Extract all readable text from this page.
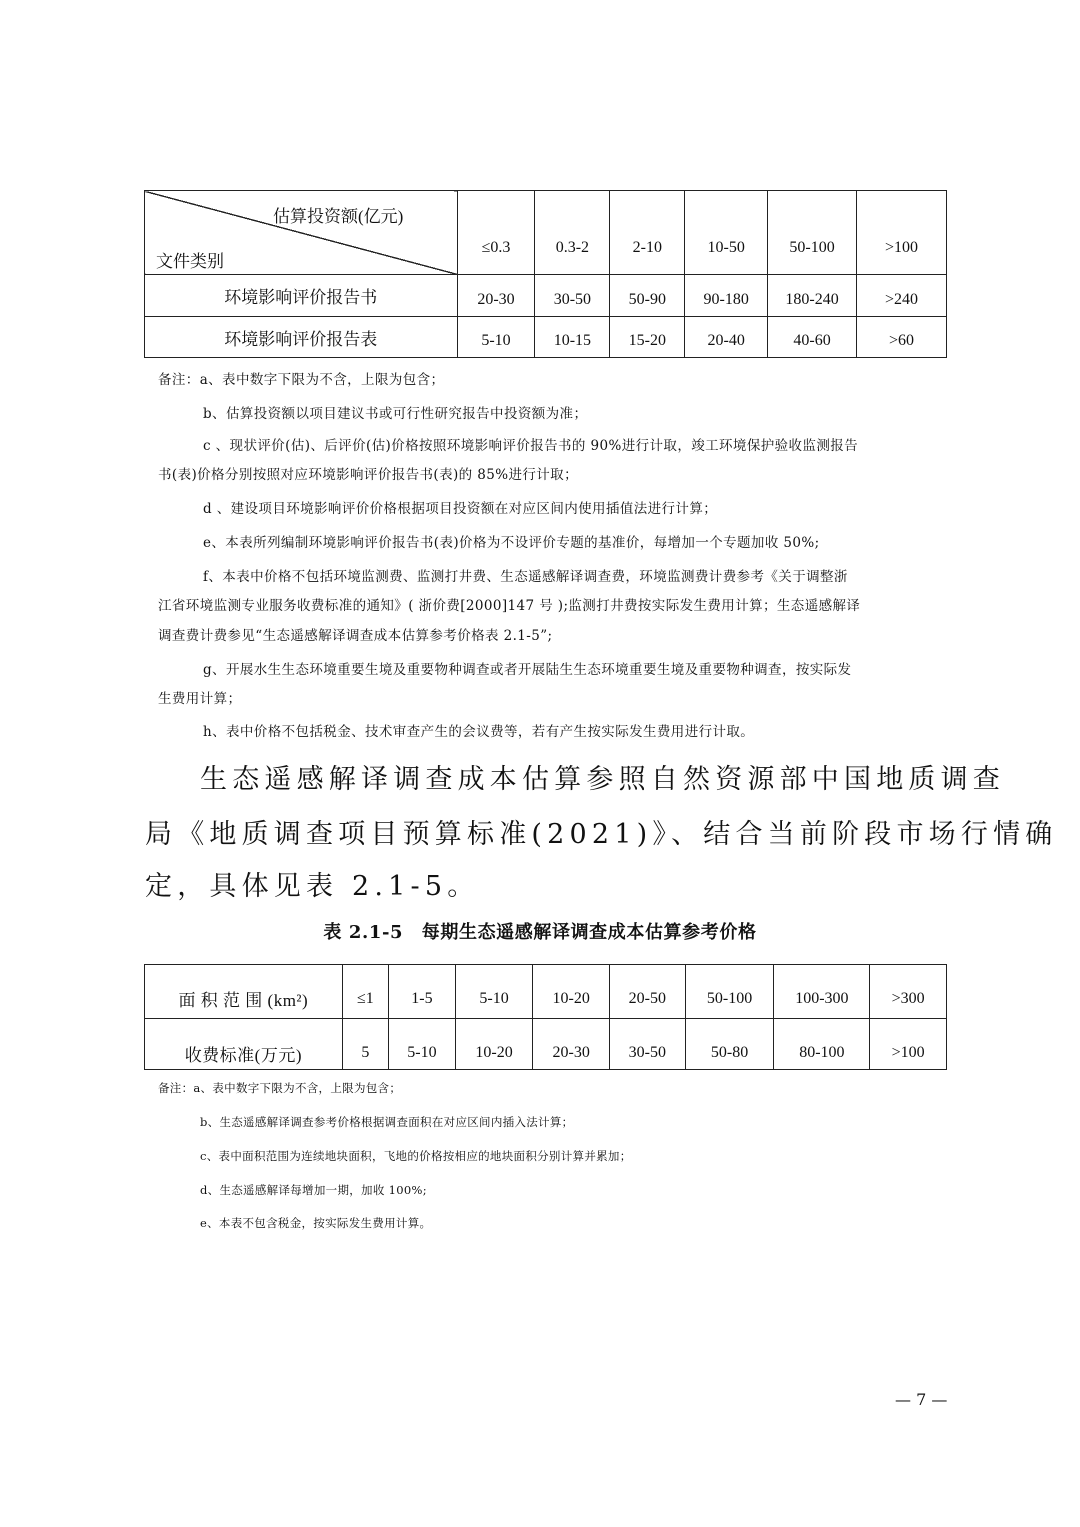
估算投资额(亿元)
文件类别	≤0.3	0.3-2	2-10	10-50	50-100	>100
环境影响评价报告书	20-30	30-50	50-90	90-180	180-240	>240
环境影响评价报告表	5-10	10-15	15-20	20-40	40-60	>60
备注：a、表中数字下限为不含，上限为包含；
b、估算投资额以项目建议书或可行性研究报告中投资额为准；
c 、现状评价(估)、后评价(估)价格按照环境影响评价报告书的 90%进行计取，竣工环境保护验收监测报告
书(表)价格分别按照对应环境影响评价报告书(表)的 85%进行计取；
d 、建设项目环境影响评价价格根据项目投资额在对应区间内使用插值法进行计算；
e、本表所列编制环境影响评价报告书(表)价格为不设评价专题的基准价，每增加一个专题加收 50%;
f、本表中价格不包括环境监测费、监测打井费、生态遥感解译调查费，环境监测费计费参考《关于调整浙
江省环境监测专业服务收费标准的通知》( 浙价费[2000]147 号 );监测打井费按实际发生费用计算；生态遥感解译
调查费计费参见“生态遥感解译调查成本估算参考价格表 2.1-5”;
g、开展水生生态环境重要生境及重要物种调查或者开展陆生生态环境重要生境及重要物种调查，按实际发
生费用计算；
h、表中价格不包括税金、技术审查产生的会议费等，若有产生按实际发生费用进行计取。
生态遥感解译调查成本估算参照自然资源部中国地质调查
局《地质调查项目预算标准(2021)》、结合当前阶段市场行情确
定，具体见表 2.1-5。
表 2.1-5　每期生态遥感解译调查成本估算参考价格
面 积 范 围 (km²)	≤1	1-5	5-10	10-20	20-50	50-100	100-300	>300
收费标准(万元)	5	5-10	10-20	20-30	30-50	50-80	80-100	>100
备注：a、表中数字下限为不含，上限为包含；
b、生态遥感解译调查参考价格根据调查面积在对应区间内插入法计算；
c、表中面积范围为连续地块面积，飞地的价格按相应的地块面积分别计算并累加；
d、生态遥感解译每增加一期，加收 100%;
e、本表不包含税金，按实际发生费用计算。
— 7 —
